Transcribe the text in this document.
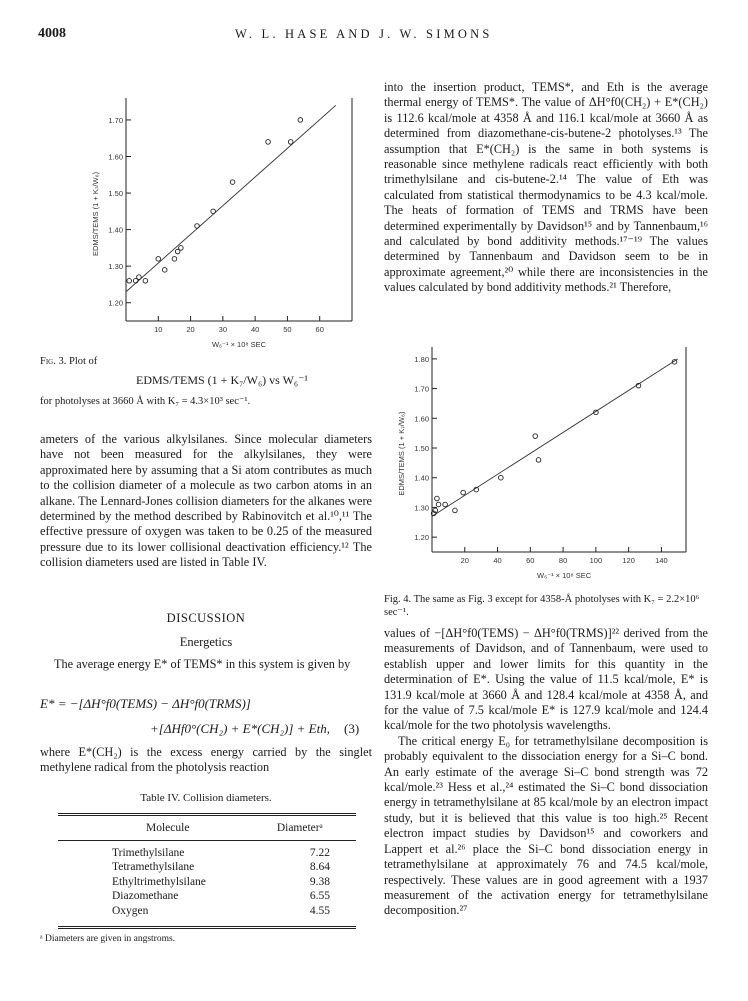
4008	W. L. HASE AND J. W. SIMONS
1.20
1.30
1.40
1.50
1.60
1.70
10	20	30	40	50	60
W₆⁻¹ × 10⁸ SEC
EDMS/TEMS (1 + K₇/W₆)
Fig. 3. Plot of
EDMS/TEMS (1 + K₇/W₆) vs W₆⁻¹
for photolyses at 3660 Å with K₇ = 4.3×10³ sec⁻¹.

ameters of the various alkylsilanes. Since molecular diameters have not been measured for the alkylsilanes, they were approximated here by assuming that a Si atom contributes as much to the collision diameter of a molecule as two carbon atoms in an alkane. The Lennard-Jones collision diameters for the alkanes were determined by the method described by Rabinovitch et al.¹⁰,¹¹ The effective pressure of oxygen was taken to be 0.25 of the measured pressure due to its lower collisional deactivation efficiency.¹² The collision diameters used are listed in Table IV.

DISCUSSION
Energetics

The average energy E* of TEMS* in this system is given by

E* = −[ΔH°f0(TEMS) − ΔH°f0(TRMS)]
+[ΔHf0°(CH₂) + E*(CH₂)] + Eth, (3)

where E*(CH₂) is the excess energy carried by the singlet methylene radical from the photolysis reaction

Table IV. Collision diameters.
Molecule	Diameterᵃ
Trimethylsilane	7.22
Tetramethylsilane	8.64
Ethyltrimethylsilane	9.38
Diazomethane	6.55
Oxygen	4.55
ᵃ Diameters are given in angstroms.

into the insertion product, TEMS*, and Eth is the average thermal energy of TEMS*. The value of ΔH°f0(CH₂) + E*(CH₂) is 112.6 kcal/mole at 4358 Å and 116.1 kcal/mole at 3660 Å as determined from diazomethane-cis-butene-2 photolyses.¹³ The assumption that E*(CH₂) is the same in both systems is reasonable since methylene radicals react efficiently with both trimethylsilane and cis-butene-2.¹⁴ The value of Eth was calculated from statistical thermodynamics to be 4.3 kcal/mole. The heats of formation of TEMS and TRMS have been determined experimentally by Davidson¹⁵ and by Tannenbaum,¹⁶ and calculated by bond additivity methods.¹⁷⁻¹⁹ The values determined by Tannenbaum and Davidson seem to be in approximate agreement,²⁰ while there are inconsistencies in the values calculated by bond additivity methods.²¹ Therefore,

1.20
1.30
1.40
1.50
1.60
1.70
1.80
20	40	60	80	100	120	140
W₆⁻¹ × 10⁸ SEC
EDMS/TEMS (1 + K₇/W₆)
Fig. 4. The same as Fig. 3 except for 4358-Å photolyses with K₇ = 2.2×10⁶ sec⁻¹.

values of −[ΔH°f0(TEMS) − ΔH°f0(TRMS)]²² derived from the measurements of Davidson, and of Tannenbaum, were used to establish upper and lower limits for this quantity in the determination of E*. Using the value of 11.5 kcal/mole, E* is 131.9 kcal/mole at 3660 Å and 128.4 kcal/mole at 4358 Å, and for the value of 7.5 kcal/mole E* is 127.9 kcal/mole and 124.4 kcal/mole for the two photolysis wavelengths.

The critical energy E₀ for tetramethylsilane decomposition is probably equivalent to the dissociation energy for a Si–C bond. An early estimate of the average Si–C bond strength was 72 kcal/mole.²³ Hess et al.,²⁴ estimated the Si–C bond dissociation energy in tetramethylsilane at 85 kcal/mole by an electron impact study, but it is believed that this value is too high.²⁵ Recent electron impact studies by Davidson¹⁵ and coworkers and Lappert et al.²⁶ place the Si–C bond dissociation energy in tetramethylsilane at approximately 76 and 74.5 kcal/mole, respectively. These values are in good agreement with a 1937 measurement of the activation energy for tetramethylsilane decomposition.²⁷
